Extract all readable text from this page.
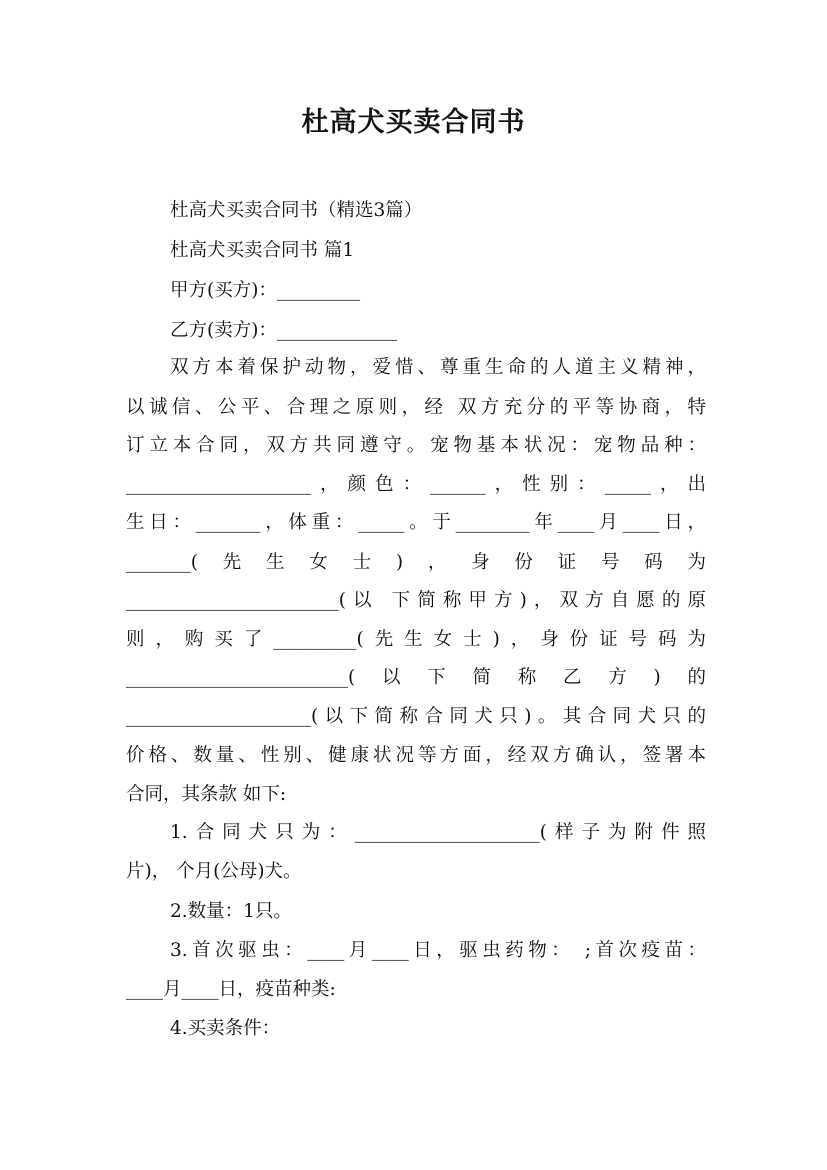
杜高犬买卖合同书
杜高犬买卖合同书（精选3篇）
杜高犬买卖合同书 篇1
甲方(买方)：_________
乙方(卖方)：_____________
双方本着保护动物，爱惜、尊重生命的人道主义精神，
以诚信、公平、合理之原则，经 双方充分的平等协商，特
订立本合同，双方共同遵守。宠物基本状况：宠物品种：
____________________，颜色：______，性别：_____，出
生日：_______，体重：_____。于________年____月____日，
_______(先生女士)，身份证号码为
_______________________(以 下简称甲方)，双方自愿的原
则，购买了_________(先生女士)，身份证号码为
________________________(以下简称乙方)的
____________________(以下简称合同犬只)。其合同犬只的
价格、数量、性别、健康状况等方面，经双方确认，签署本
合同，其条款 如下:
1.合同犬只为：____________________(样子为附件照
片)， 个月(公母)犬。
2.数量：1只。
3.首次驱虫：____月____日，驱虫药物： ;首次疫苗：
____月____日，疫苗种类:
4.买卖条件：
